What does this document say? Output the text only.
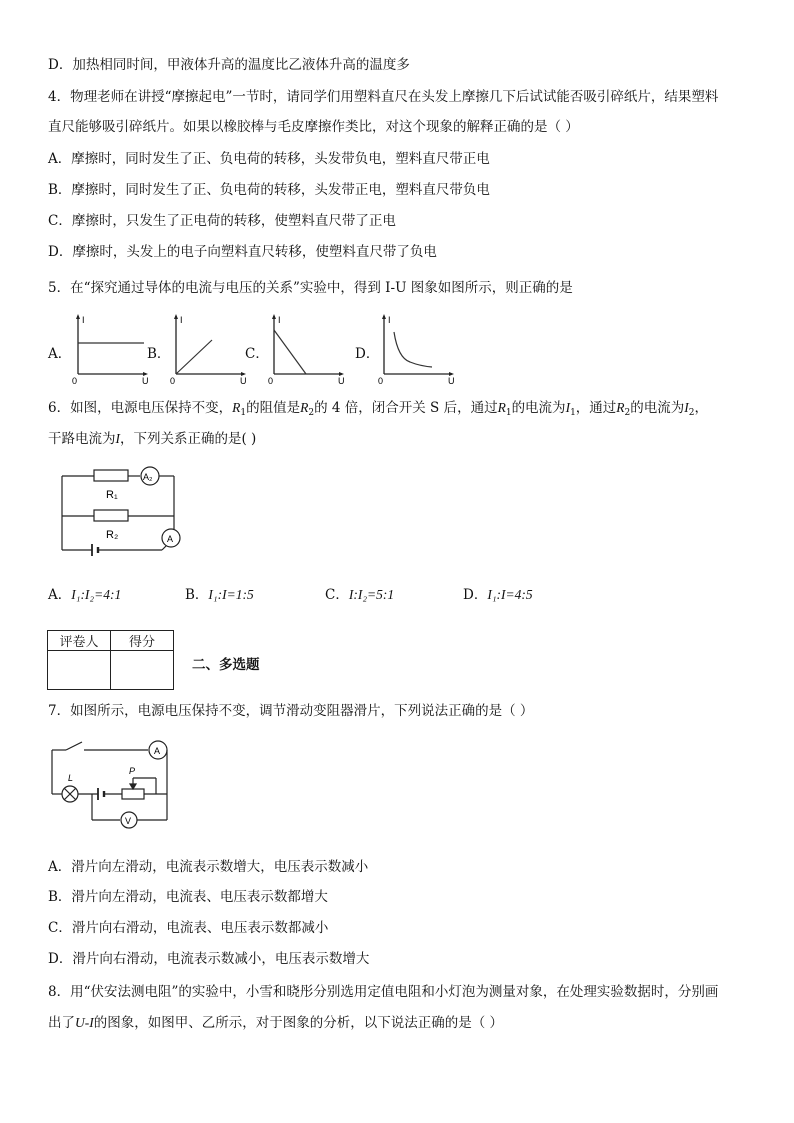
D．加热相同时间，甲液体升高的温度比乙液体升高的温度多
4．物理老师在讲授“摩擦起电”一节时，请同学们用塑料直尺在头发上摩擦几下后试试能否吸引碎纸片，结果塑料
直尺能够吸引碎纸片。如果以橡胶棒与毛皮摩擦作类比，对这个现象的解释正确的是（ ）
A．摩擦时，同时发生了正、负电荷的转移，头发带负电，塑料直尺带正电
B．摩擦时，同时发生了正、负电荷的转移，头发带正电，塑料直尺带负电
C．摩擦时，只发生了正电荷的转移，使塑料直尺带了正电
D．摩擦时，头发上的电子向塑料直尺转移，使塑料直尺带了负电
5．在“探究通过导体的电流与电压的关系”实验中，得到 I-U 图象如图所示，则正确的是
A．	B．	C．	D．
I
0	U
I
0	U
I
0	U
I
0	U
6．如图，电源电压保持不变，$R_1$的阻值是$R_2$的 4 倍，闭合开关 S 后，通过$R_1$的电流为$I_1$，通过$R_2$的电流为$I_2$，
干路电流为I，下列关系正确的是( )
R₁
R₂
A₂
A
A．I₁:I₂=4:1	B．I₁:I=1:5	C．I:I₂=5:1	D．I₁:I=4:5
评卷人	得分

二、多选题
7．如图所示，电源电压保持不变，调节滑动变阻器滑片，下列说法正确的是（ ）
A
V
L
P
A．滑片向左滑动，电流表示数增大，电压表示数减小
B．滑片向左滑动，电流表、电压表示数都增大
C．滑片向右滑动，电流表、电压表示数都减小
D．滑片向右滑动，电流表示数减小，电压表示数增大
8．用“伏安法测电阻”的实验中，小雪和晓彤分别选用定值电阻和小灯泡为测量对象，在处理实验数据时，分别画
出了U-I的图象，如图甲、乙所示，对于图象的分析，以下说法正确的是（ ）
